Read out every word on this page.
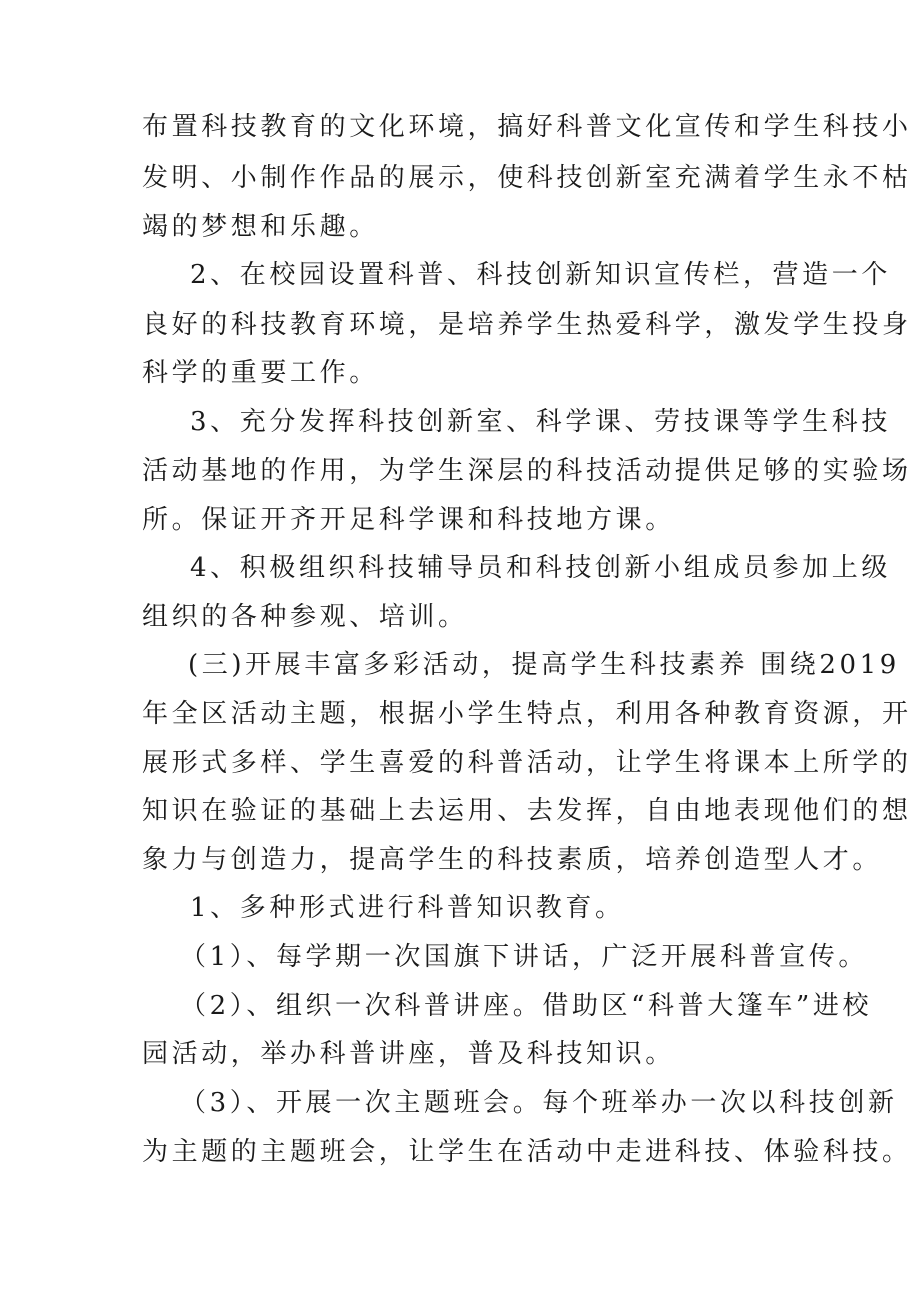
布置科技教育的文化环境，搞好科普文化宣传和学生科技小

发明、小制作作品的展示，使科技创新室充满着学生永不枯

竭的梦想和乐趣。

2、在校园设置科普、科技创新知识宣传栏，营造一个

良好的科技教育环境，是培养学生热爱科学，激发学生投身

科学的重要工作。

3、充分发挥科技创新室、科学课、劳技课等学生科技

活动基地的作用，为学生深层的科技活动提供足够的实验场

所。保证开齐开足科学课和科技地方课。

4、积极组织科技辅导员和科技创新小组成员参加上级

组织的各种参观、培训。

(三)开展丰富多彩活动，提高学生科技素养 围绕2019

年全区活动主题，根据小学生特点，利用各种教育资源，开

展形式多样、学生喜爱的科普活动，让学生将课本上所学的

知识在验证的基础上去运用、去发挥，自由地表现他们的想

象力与创造力，提高学生的科技素质，培养创造型人才。

1、多种形式进行科普知识教育。

（1）、每学期一次国旗下讲话，广泛开展科普宣传。

（2）、组织一次科普讲座。借助区“科普大篷车”进校

园活动，举办科普讲座，普及科技知识。

（3）、开展一次主题班会。每个班举办一次以科技创新

为主题的主题班会，让学生在活动中走进科技、体验科技。
